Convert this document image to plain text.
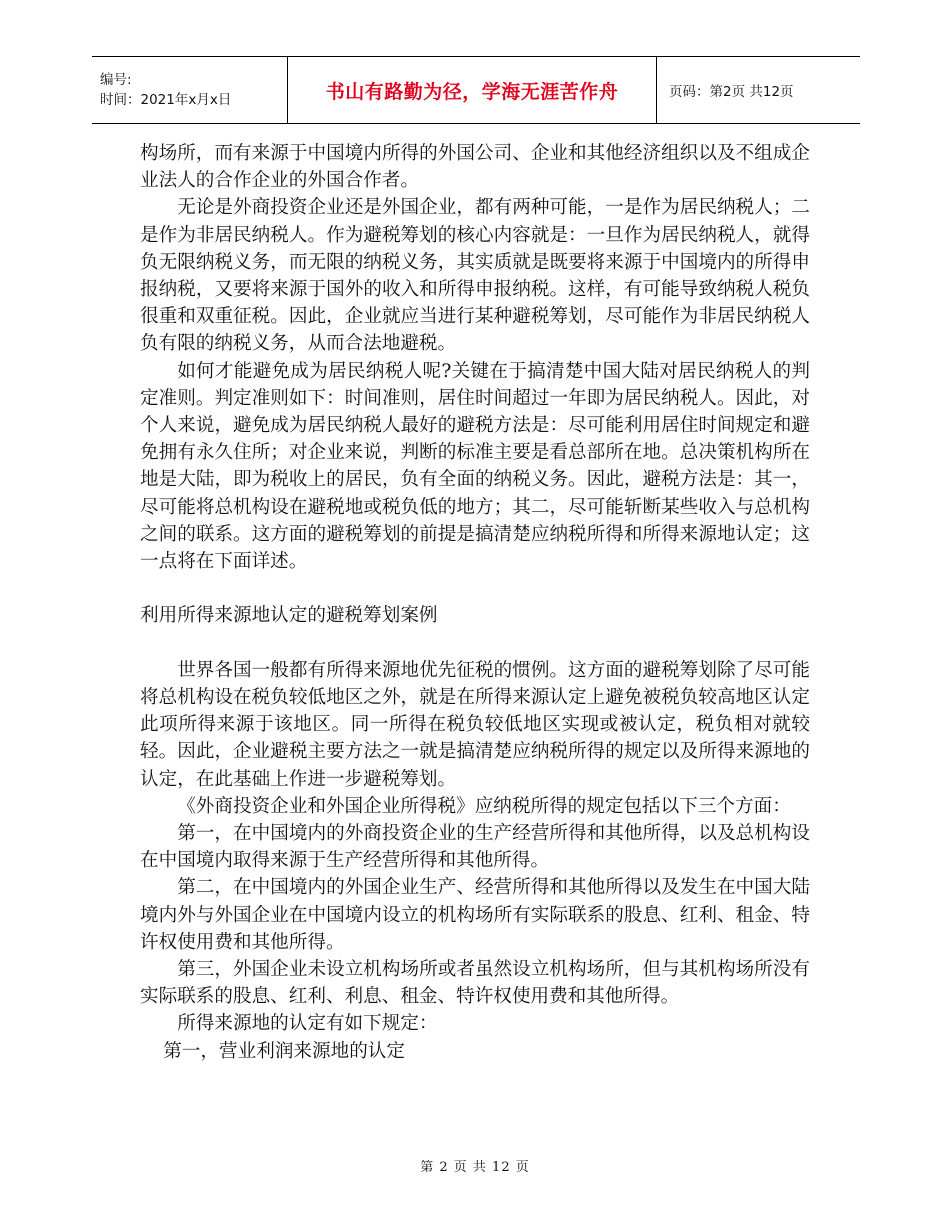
编号:
时间：2021年x月x日	书山有路勤为径，学海无涯苦作舟	页码：第2页 共12页

构场所，而有来源于中国境内所得的外国公司、企业和其他经济组织以及不组成企业法人的合作企业的外国合作者。

无论是外商投资企业还是外国企业，都有两种可能，一是作为居民纳税人；二是作为非居民纳税人。作为避税筹划的核心内容就是：一旦作为居民纳税人，就得负无限纳税义务，而无限的纳税义务，其实质就是既要将来源于中国境内的所得申报纳税，又要将来源于国外的收入和所得申报纳税。这样，有可能导致纳税人税负很重和双重征税。因此，企业就应当进行某种避税筹划，尽可能作为非居民纳税人负有限的纳税义务，从而合法地避税。

如何才能避免成为居民纳税人呢?关键在于搞清楚中国大陆对居民纳税人的判定准则。判定准则如下：时间准则，居住时间超过一年即为居民纳税人。因此，对个人来说，避免成为居民纳税人最好的避税方法是：尽可能利用居住时间规定和避免拥有永久住所；对企业来说，判断的标准主要是看总部所在地。总决策机构所在地是大陆，即为税收上的居民，负有全面的纳税义务。因此，避税方法是：其一，尽可能将总机构设在避税地或税负低的地方；其二，尽可能斩断某些收入与总机构之间的联系。这方面的避税筹划的前提是搞清楚应纳税所得和所得来源地认定；这一点将在下面详述。

利用所得来源地认定的避税筹划案例

世界各国一般都有所得来源地优先征税的惯例。这方面的避税筹划除了尽可能将总机构设在税负较低地区之外，就是在所得来源认定上避免被税负较高地区认定此项所得来源于该地区。同一所得在税负较低地区实现或被认定，税负相对就较轻。因此，企业避税主要方法之一就是搞清楚应纳税所得的规定以及所得来源地的认定，在此基础上作进一步避税筹划。

《外商投资企业和外国企业所得税》应纳税所得的规定包括以下三个方面：

第一，在中国境内的外商投资企业的生产经营所得和其他所得，以及总机构设在中国境内取得来源于生产经营所得和其他所得。

第二，在中国境内的外国企业生产、经营所得和其他所得以及发生在中国大陆境内外与外国企业在中国境内设立的机构场所有实际联系的股息、红利、租金、特许权使用费和其他所得。

第三，外国企业未设立机构场所或者虽然设立机构场所，但与其机构场所没有实际联系的股息、红利、利息、租金、特许权使用费和其他所得。

所得来源地的认定有如下规定：

第一，营业利润来源地的认定

第 2 页 共 12 页
